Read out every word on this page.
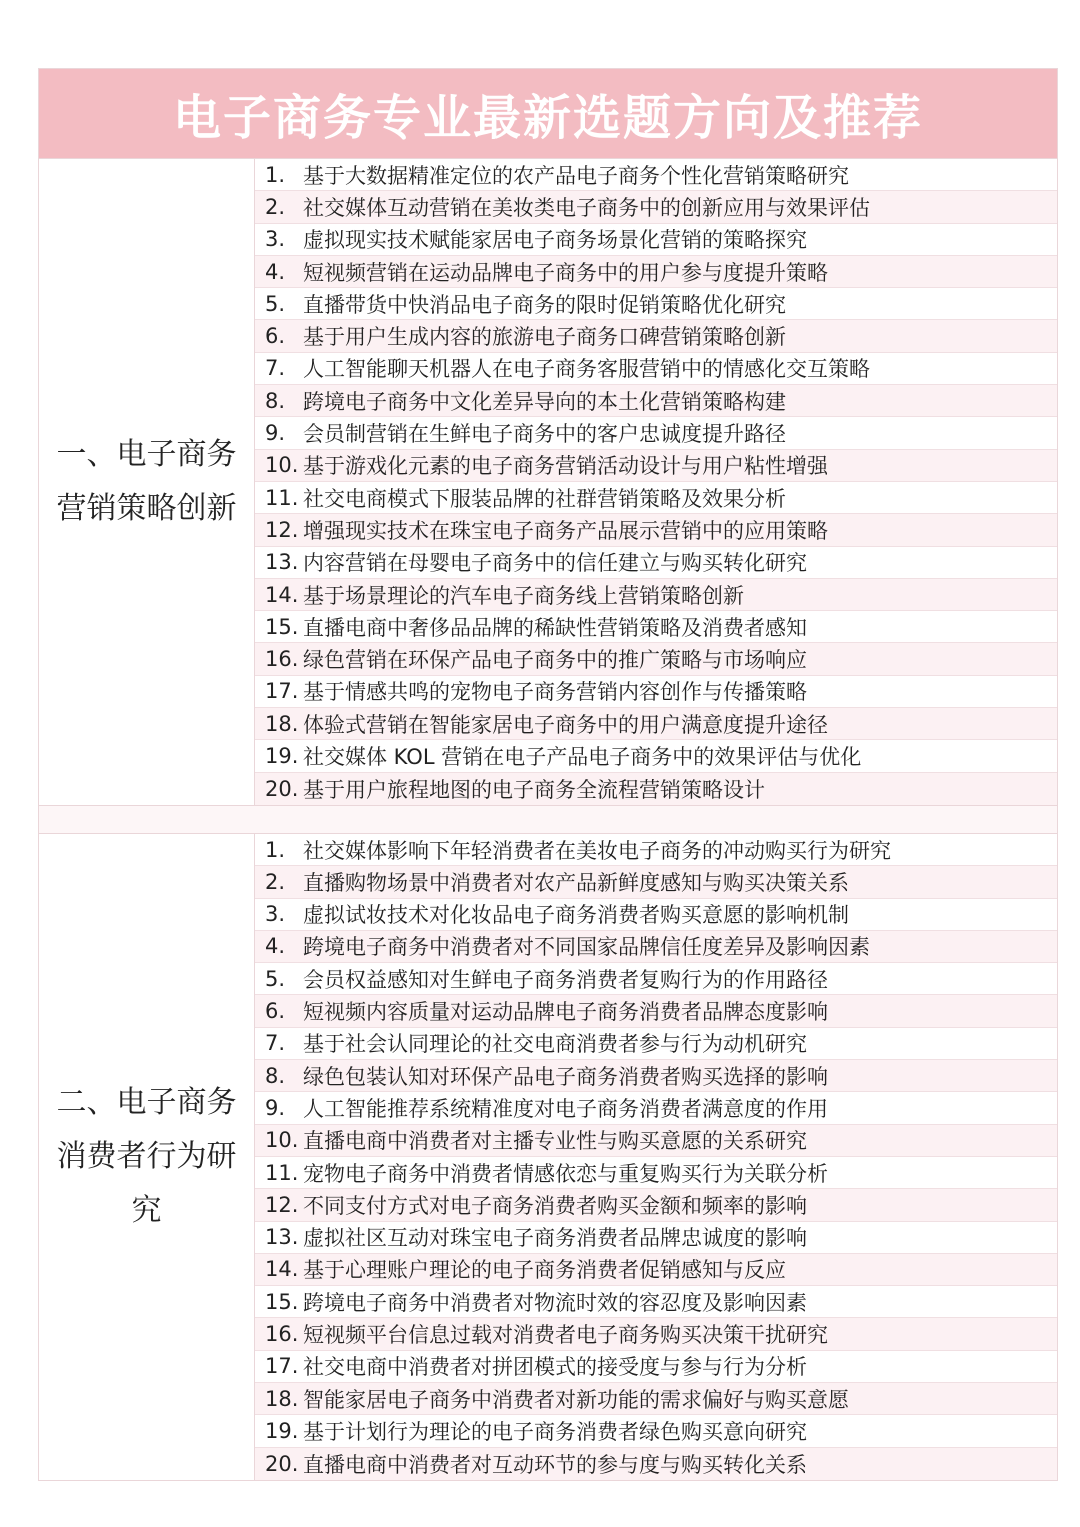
电子商务专业最新选题方向及推荐
一、电子商务营销策略创新
1. 基于大数据精准定位的农产品电子商务个性化营销策略研究
2. 社交媒体互动营销在美妆类电子商务中的创新应用与效果评估
3. 虚拟现实技术赋能家居电子商务场景化营销的策略探究
4. 短视频营销在运动品牌电子商务中的用户参与度提升策略
5. 直播带货中快消品电子商务的限时促销策略优化研究
6. 基于用户生成内容的旅游电子商务口碑营销策略创新
7. 人工智能聊天机器人在电子商务客服营销中的情感化交互策略
8. 跨境电子商务中文化差异导向的本土化营销策略构建
9. 会员制营销在生鲜电子商务中的客户忠诚度提升路径
10. 基于游戏化元素的电子商务营销活动设计与用户粘性增强
11. 社交电商模式下服装品牌的社群营销策略及效果分析
12. 增强现实技术在珠宝电子商务产品展示营销中的应用策略
13. 内容营销在母婴电子商务中的信任建立与购买转化研究
14. 基于场景理论的汽车电子商务线上营销策略创新
15. 直播电商中奢侈品品牌的稀缺性营销策略及消费者感知
16. 绿色营销在环保产品电子商务中的推广策略与市场响应
17. 基于情感共鸣的宠物电子商务营销内容创作与传播策略
18. 体验式营销在智能家居电子商务中的用户满意度提升途径
19. 社交媒体 KOL 营销在电子产品电子商务中的效果评估与优化
20. 基于用户旅程地图的电子商务全流程营销策略设计
二、电子商务消费者行为研究
1. 社交媒体影响下年轻消费者在美妆电子商务的冲动购买行为研究
2. 直播购物场景中消费者对农产品新鲜度感知与购买决策关系
3. 虚拟试妆技术对化妆品电子商务消费者购买意愿的影响机制
4. 跨境电子商务中消费者对不同国家品牌信任度差异及影响因素
5. 会员权益感知对生鲜电子商务消费者复购行为的作用路径
6. 短视频内容质量对运动品牌电子商务消费者品牌态度影响
7. 基于社会认同理论的社交电商消费者参与行为动机研究
8. 绿色包装认知对环保产品电子商务消费者购买选择的影响
9. 人工智能推荐系统精准度对电子商务消费者满意度的作用
10. 直播电商中消费者对主播专业性与购买意愿的关系研究
11. 宠物电子商务中消费者情感依恋与重复购买行为关联分析
12. 不同支付方式对电子商务消费者购买金额和频率的影响
13. 虚拟社区互动对珠宝电子商务消费者品牌忠诚度的影响
14. 基于心理账户理论的电子商务消费者促销感知与反应
15. 跨境电子商务中消费者对物流时效的容忍度及影响因素
16. 短视频平台信息过载对消费者电子商务购买决策干扰研究
17. 社交电商中消费者对拼团模式的接受度与参与行为分析
18. 智能家居电子商务中消费者对新功能的需求偏好与购买意愿
19. 基于计划行为理论的电子商务消费者绿色购买意向研究
20. 直播电商中消费者对互动环节的参与度与购买转化关系
